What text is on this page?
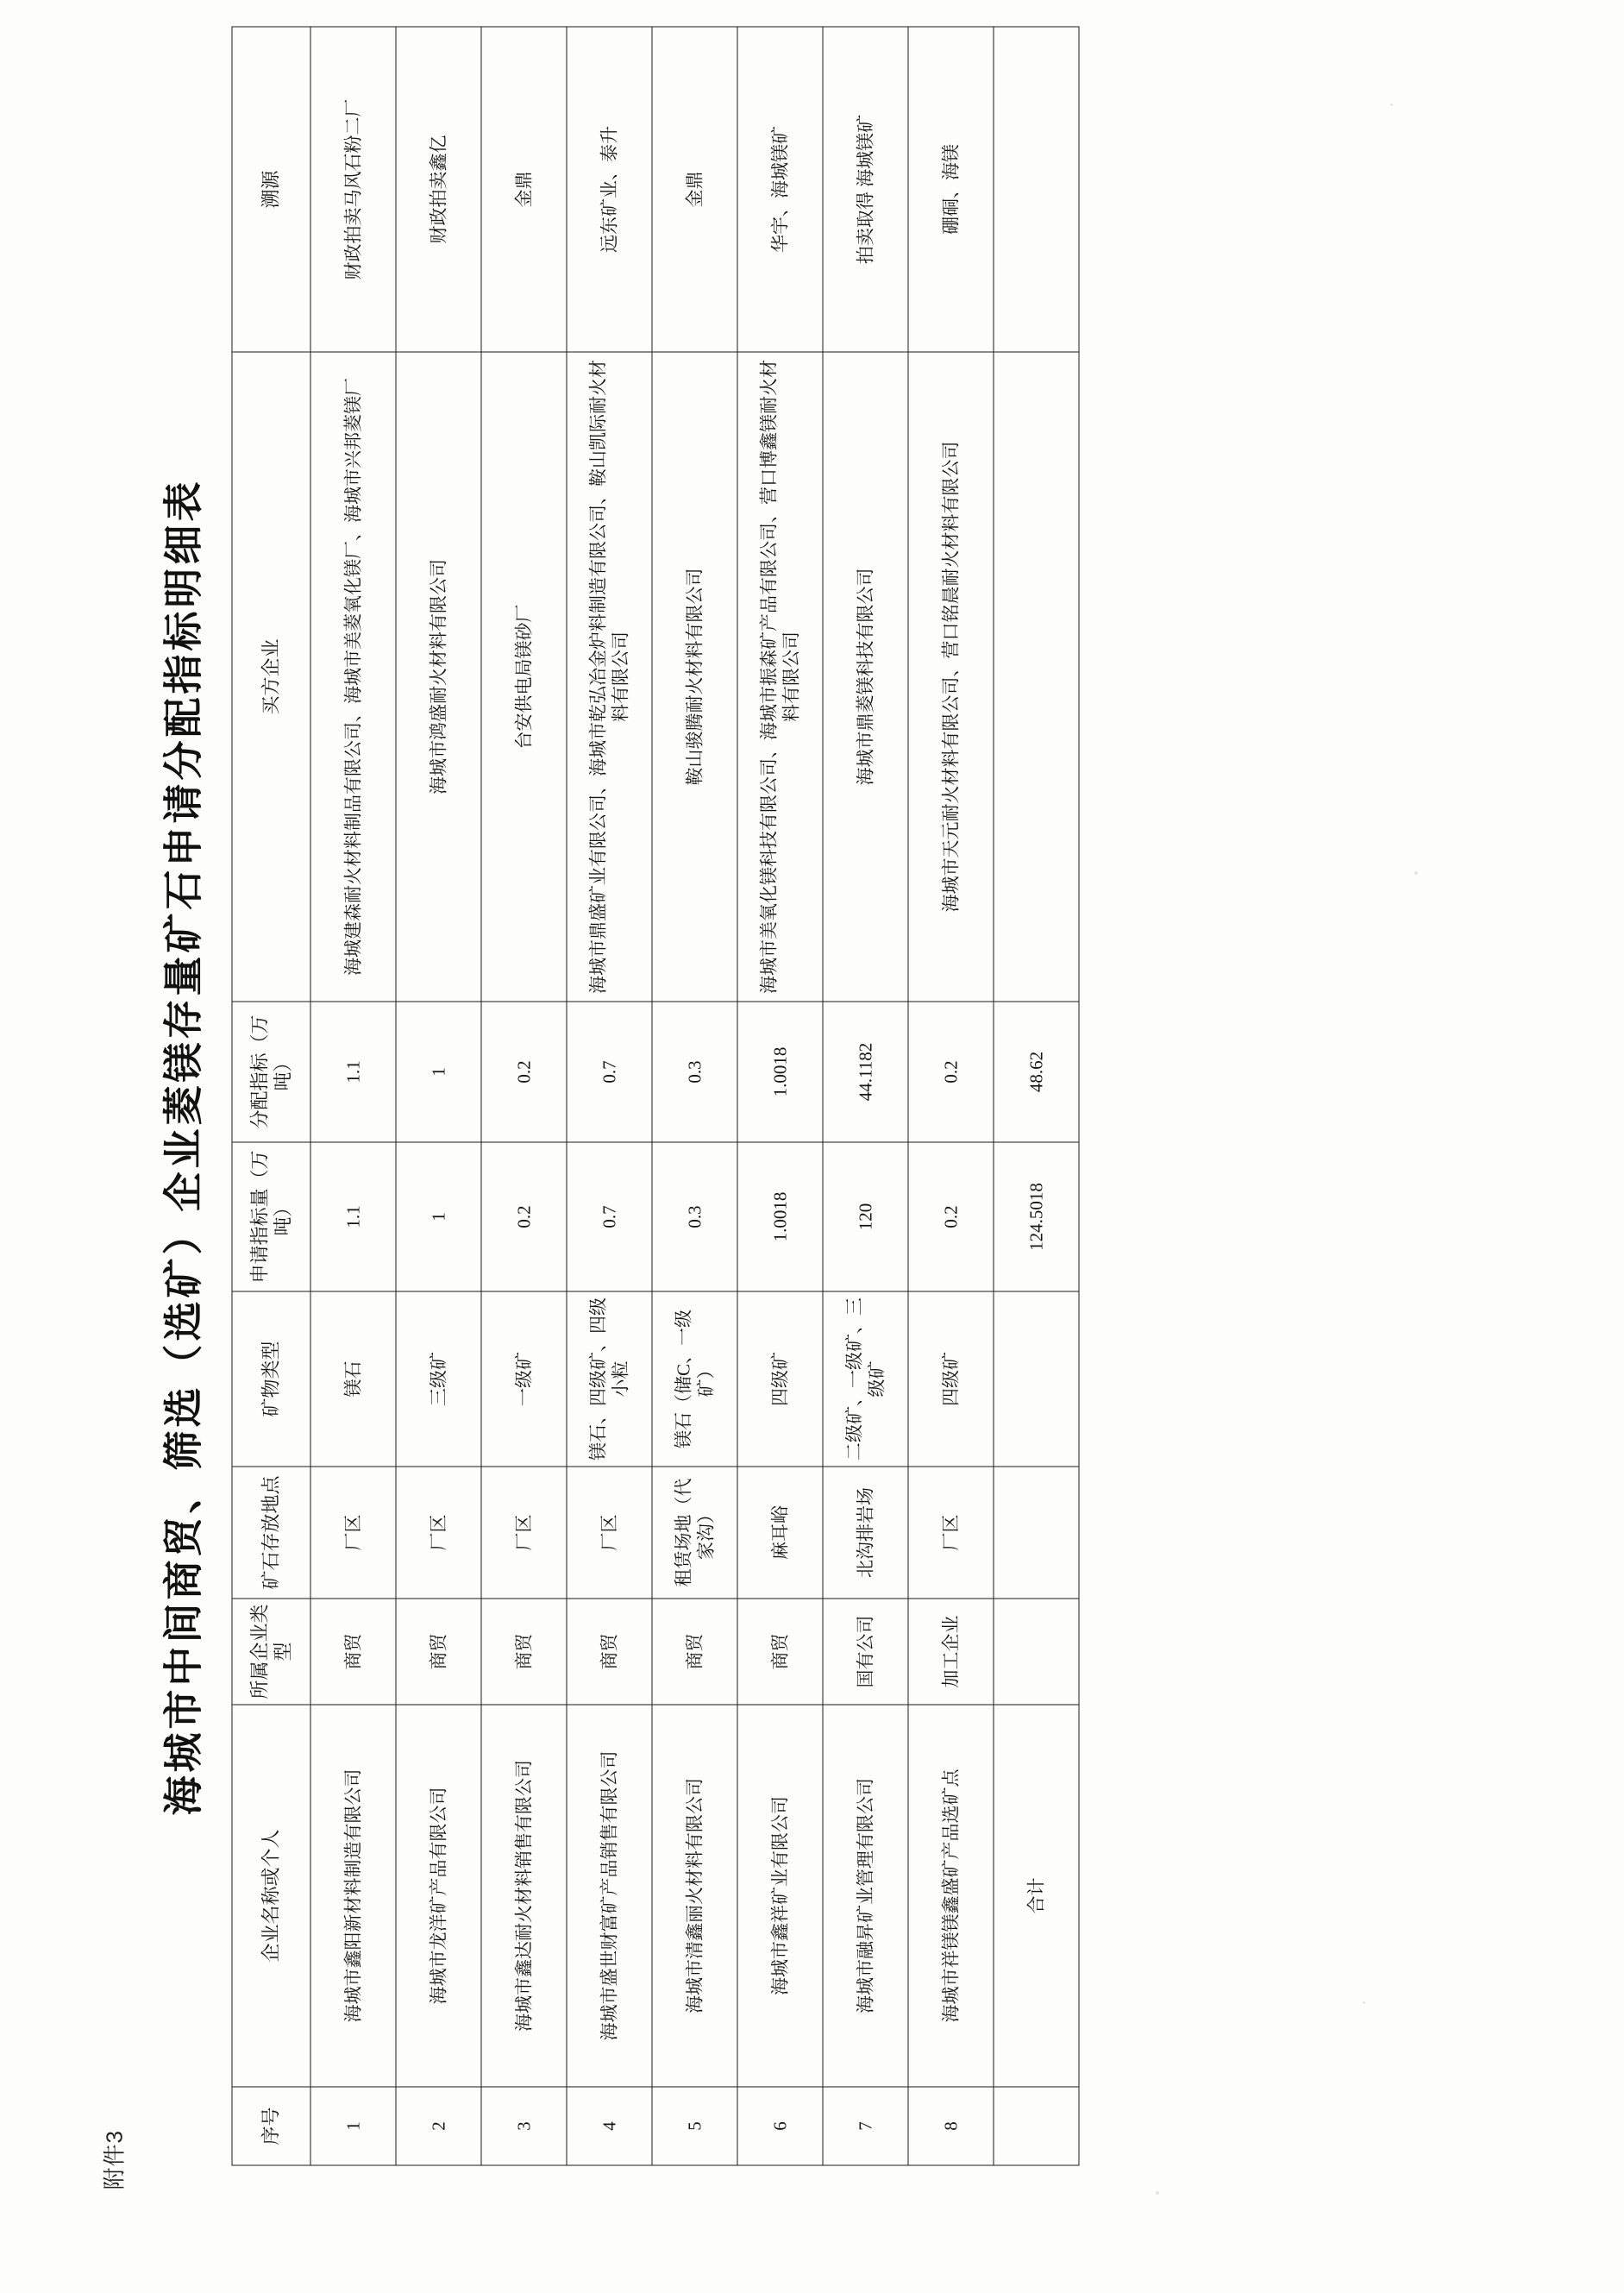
附件3
海城市中间商贸、筛选（选矿）企业菱镁存量矿石申请分配指标明细表
序号	企业名称或个人	所属企业类型	矿石存放地点	矿物类型	申请指标量（万吨）	分配指标（万吨）	买方企业	溯源
1	海城市鑫阳新材料制造有限公司	商贸	厂区	镁石	1.1	1.1	海城建森耐火材料制品有限公司、海城市美菱氧化镁厂、海城市兴邦菱镁厂	财政拍卖马风石粉二厂
2	海城市龙洋矿产品有限公司	商贸	厂区	三级矿	1	1	海城市鸿盛耐火材料有限公司	财政拍卖鑫亿
3	海城市鑫达耐火材料销售有限公司	商贸	厂区	一级矿	0.2	0.2	台安供电局镁砂厂	金鼎
4	海城市盛世财富矿产品销售有限公司	商贸	厂区	镁石、四级矿、四级小粒	0.7	0.7	海城市鼎盛矿业有限公司、海城市乾弘冶金炉料制造有限公司、鞍山凯际耐火材料有限公司	远东矿业、泰升
5	海城市清鑫丽火材料有限公司	商贸	租赁场地（代家沟）	镁石（储C、一级矿）	0.3	0.3	鞍山骏腾耐火材料有限公司	金鼎
6	海城市鑫祥矿业有限公司	商贸	麻耳峪	四级矿	1.0018	1.0018	海城市美氧化镁科技有限公司、海城市振森矿产品有限公司、营口博鑫镁耐火材料有限公司	华宇、海城镁矿
7	海城市融昇矿业管理有限公司	国有公司	北沟排岩场	二级矿、一级矿、三级矿	120	44.1182	海城市鼎菱镁科技有限公司	拍卖取得 海城镁矿
8	海城市祥镁镁鑫盛矿产品选矿点	加工企业	厂区	四级矿	0.2	0.2	海城市天元耐火材料有限公司、营口铭晨耐火材料有限公司	硼硐、海镁
	合计				124.5018	48.62		
